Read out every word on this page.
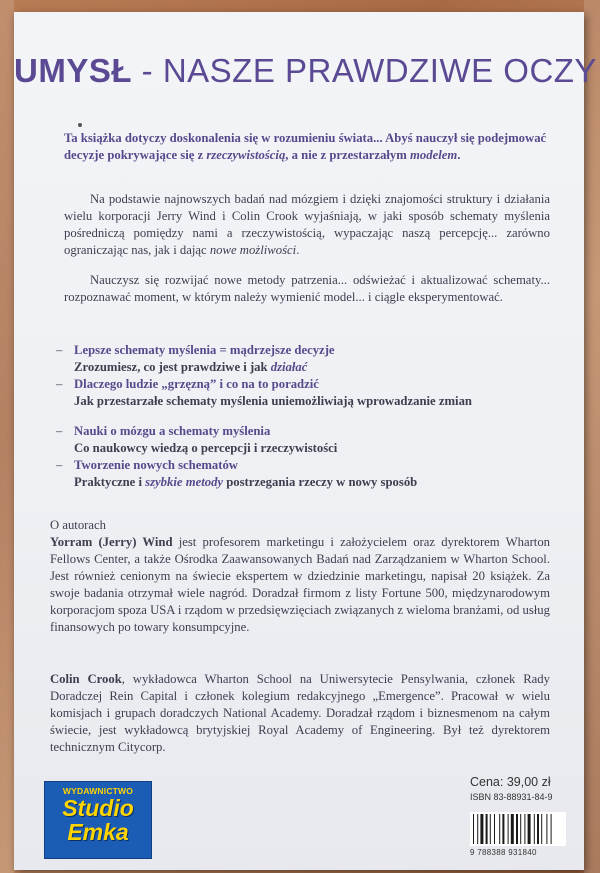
UMYSŁ - NASZE PRAWDZIWE OCZY
Ta książka dotyczy doskonalenia się w rozumieniu świata... Abyś nauczył się podejmować decyzje pokrywające się z rzeczywistością, a nie z przestarzałym modelem.
Na podstawie najnowszych badań nad mózgiem i dzięki znajomości struktury i działania wielu korporacji Jerry Wind i Colin Crook wyjaśniają, w jaki sposób schematy myślenia pośredniczą pomiędzy nami a rzeczywistością, wypaczając naszą percepcję... zarówno ograniczając nas, jak i dając nowe możliwości.
Nauczysz się rozwijać nowe metody patrzenia... odświeżać i aktualizować schematy... rozpoznawać moment, w którym należy wymienić model... i ciągle eksperymentować.
– Lepsze schematy myślenia = mądrzejsze decyzje
Zrozumiesz, co jest prawdziwe i jak działać
– Dlaczego ludzie „grzęzną” i co na to poradzić
Jak przestarzałe schematy myślenia uniemożliwiają wprowadzanie zmian
– Nauki o mózgu a schematy myślenia
Co naukowcy wiedzą o percepcji i rzeczywistości
– Tworzenie nowych schematów
Praktyczne i szybkie metody postrzegania rzeczy w nowy sposób
O autorach
Yorram (Jerry) Wind jest profesorem marketingu i założycielem oraz dyrektorem Wharton Fellows Center, a także Ośrodka Zaawansowanych Badań nad Zarządzaniem w Wharton School. Jest również cenionym na świecie ekspertem w dziedzinie marketingu, napisał 20 książek. Za swoje badania otrzymał wiele nagród. Doradzał firmom z listy Fortune 500, międzynarodowym korporacjom spoza USA i rządom w przedsięwzięciach związanych z wieloma branżami, od usług finansowych po towary konsumpcyjne.
Colin Crook, wykładowca Wharton School na Uniwersytecie Pensylwania, członek Rady Doradczej Rein Capital i członek kolegium redakcyjnego „Emergence”. Pracował w wielu komisjach i grupach doradczych National Academy. Doradzał rządom i biznesmenom na całym świecie, jest wykładowcą brytyjskiej Royal Academy of Engineering. Był też dyrektorem technicznym Citycorp.
WYDAWNICTWO
Studio
Emka
Cena: 39,00 zł
ISBN 83-88931-84-9
9 788388 931840
